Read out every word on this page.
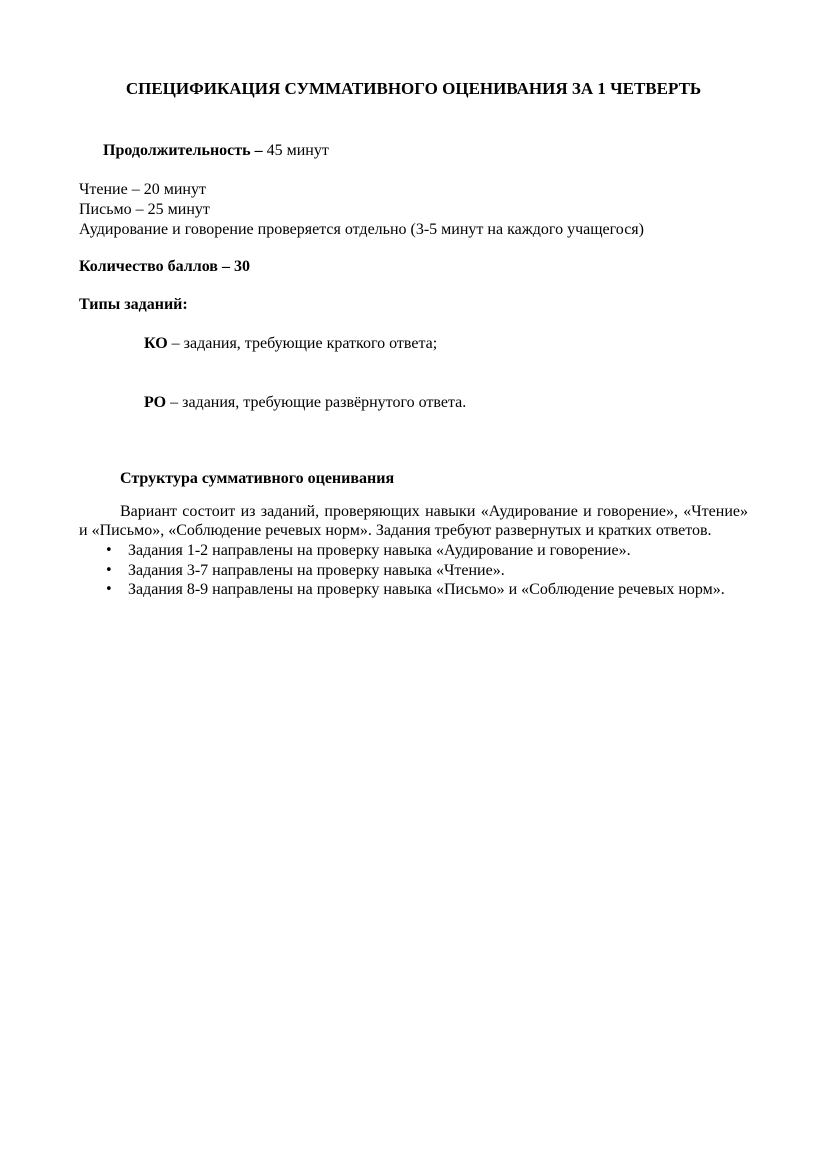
СПЕЦИФИКАЦИЯ СУММАТИВНОГО ОЦЕНИВАНИЯ ЗА 1 ЧЕТВЕРТЬ

Продолжительность – 45 минут

Чтение – 20 минут
Письмо – 25 минут
Аудирование и говорение проверяется отдельно (3-5 минут на каждого учащегося)
Количество баллов – 30
Типы заданий:

КО – задания, требующие краткого ответа;

РО – задания, требующие развёрнутого ответа.

Структура суммативного оценивания
Вариант состоит из заданий, проверяющих навыки «Аудирование и говорение», «Чтение» и «Письмо», «Соблюдение речевых норм». Задания требуют развернутых и кратких ответов.
• Задания 1-2 направлены на проверку навыка «Аудирование и говорение».
• Задания 3-7 направлены на проверку навыка «Чтение».
• Задания 8-9 направлены на проверку навыка «Письмо» и «Соблюдение речевых норм».
